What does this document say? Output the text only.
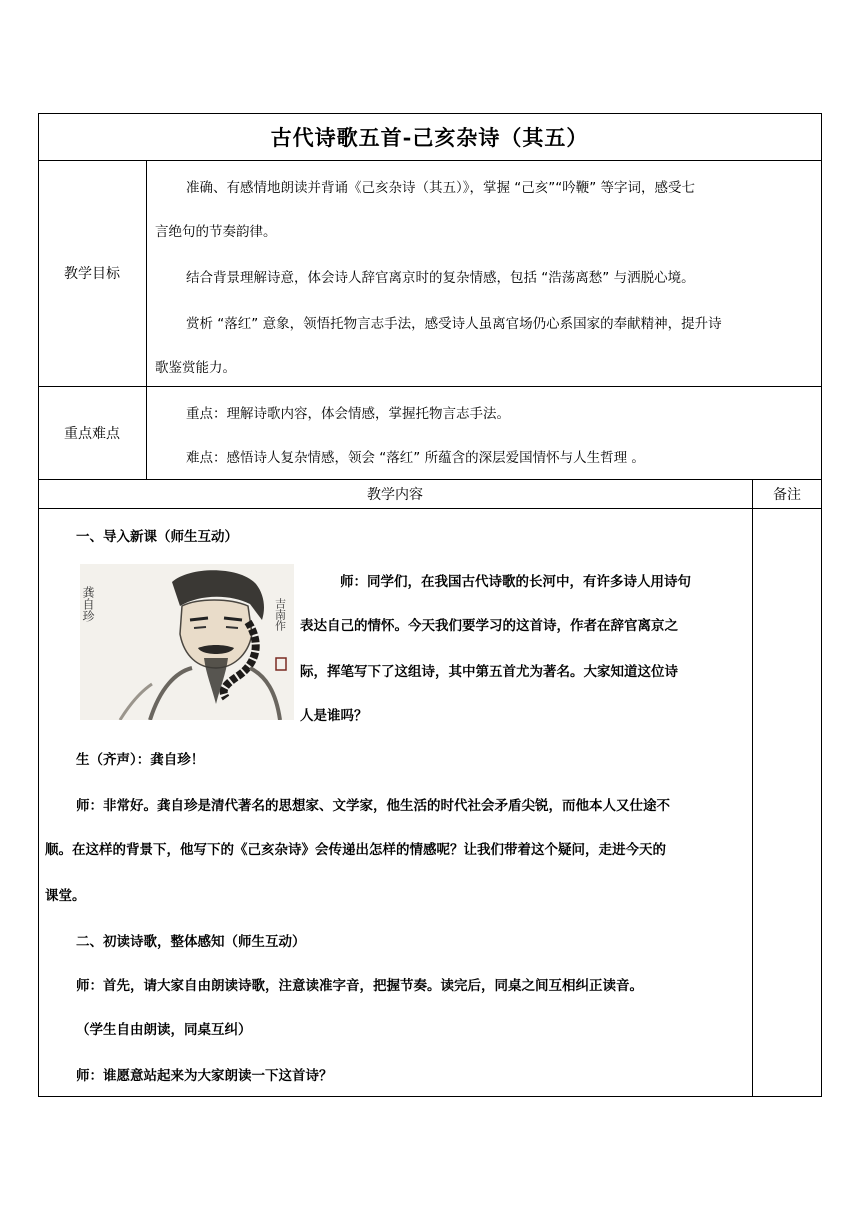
古代诗歌五首-己亥杂诗（其五）
教学目标
准确、有感情地朗读并背诵《己亥杂诗（其五）》，掌握 “己亥”“吟鞭” 等字词，感受七
言绝句的节奏韵律。
结合背景理解诗意，体会诗人辞官离京时的复杂情感，包括 “浩荡离愁” 与洒脱心境。
赏析 “落红” 意象，领悟托物言志手法，感受诗人虽离官场仍心系国家的奉献精神，提升诗
歌鉴赏能力。
重点难点
重点：理解诗歌内容，体会情感，掌握托物言志手法。
难点：感悟诗人复杂情感，领会 “落红” 所蕴含的深层爱国情怀与人生哲理 。
教学内容	备注
一、导入新课（师生互动）
龚自珍	吉南作
师：同学们，在我国古代诗歌的长河中，有许多诗人用诗句
表达自己的情怀。今天我们要学习的这首诗，作者在辞官离京之
际，挥笔写下了这组诗，其中第五首尤为著名。大家知道这位诗
人是谁吗？
生（齐声）：龚自珍！
师：非常好。龚自珍是清代著名的思想家、文学家，他生活的时代社会矛盾尖锐，而他本人又仕途不
顺。在这样的背景下，他写下的《己亥杂诗》会传递出怎样的情感呢？让我们带着这个疑问，走进今天的
课堂。
二、初读诗歌，整体感知（师生互动）
师：首先，请大家自由朗读诗歌，注意读准字音，把握节奏。读完后，同桌之间互相纠正读音。
（学生自由朗读，同桌互纠）
师：谁愿意站起来为大家朗读一下这首诗？
